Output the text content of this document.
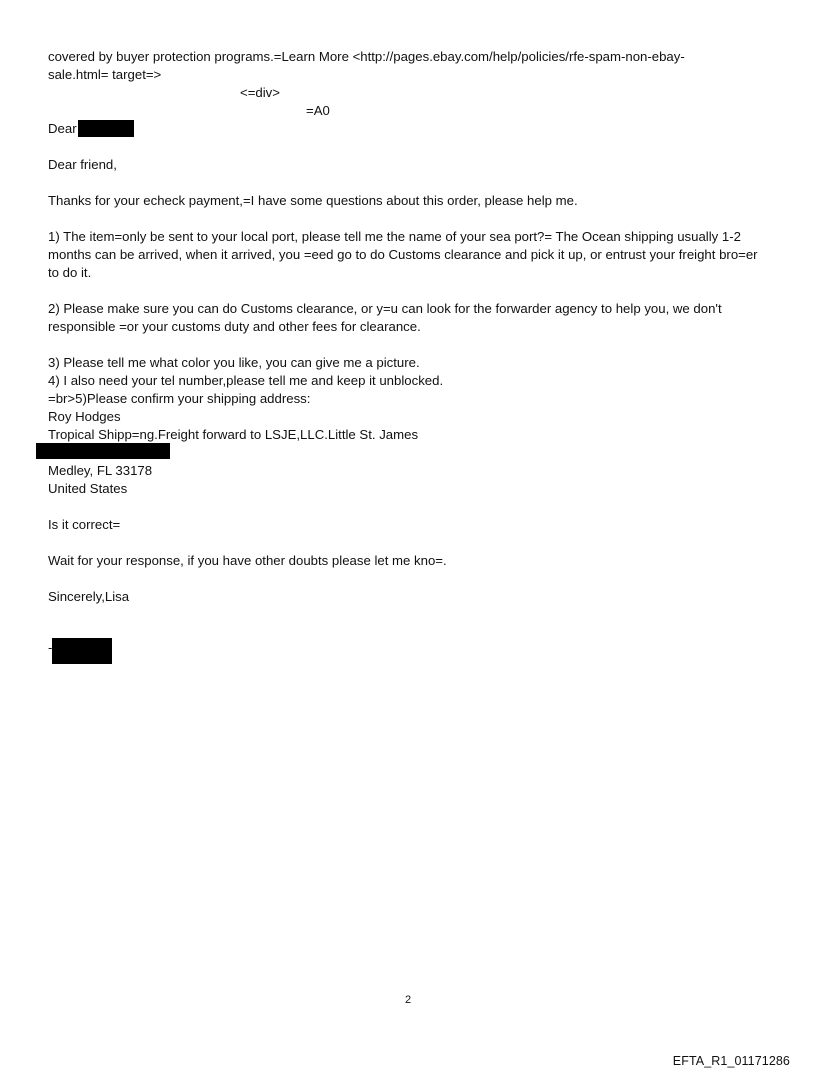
covered by buyer protection programs.=Learn More <http://pages.ebay.com/help/policies/rfe-spam-non-ebay-
sale.html= target=>
<=div>
=A0
Dear
Dear friend,
Thanks for your echeck payment,=I have some questions about this order, please help me.
1) The item=only be sent to your local port, please tell me the name of your sea port?= The Ocean shipping usually 1-2 months can be arrived, when it arrived, you =eed go to do Customs clearance and pick it up, or entrust your freight bro=er to do it.
2) Please make sure you can do Customs clearance, or y=u can look for the forwarder agency to help you, we don't responsible =or your customs duty and other fees for clearance.
3) Please tell me what color you like, you can give me a picture.
4) I also need your tel number,please tell me and keep it unblocked.
=br>5)Please confirm your shipping address:
Roy Hodges
Tropical Shipp=ng.Freight forward to LSJE,LLC.Little St. James
Medley, FL 33178
United States
Is it correct=
Wait for your response, if you have other doubts please let me kno=.
Sincerely,Lisa
-
2
EFTA_R1_01171286
